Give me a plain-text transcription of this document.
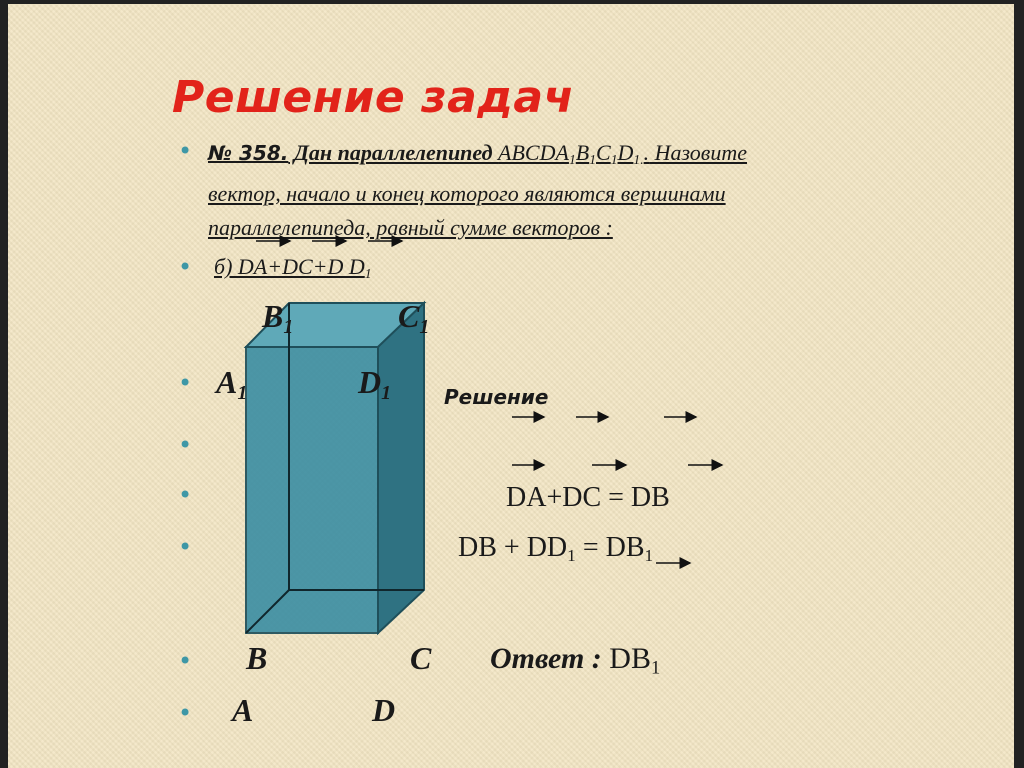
Решение задач
•
•
•
•
•
•
•
•
№ 358. Дан параллелепипед $ABCDA_1B_1C_1D_{1.}$. Назовите
вектор, начало и конец которого являются вершинами
параллелепипеда, равный сумме векторов :
б) DA+DC+D $D_1$
$B_1$	$C_1$
$A_1$	$D_1$
B	C
A	D
Решение
DA+DC = DB
DB + $DD_1 = DB_1$
Ответ : $DB_1$
